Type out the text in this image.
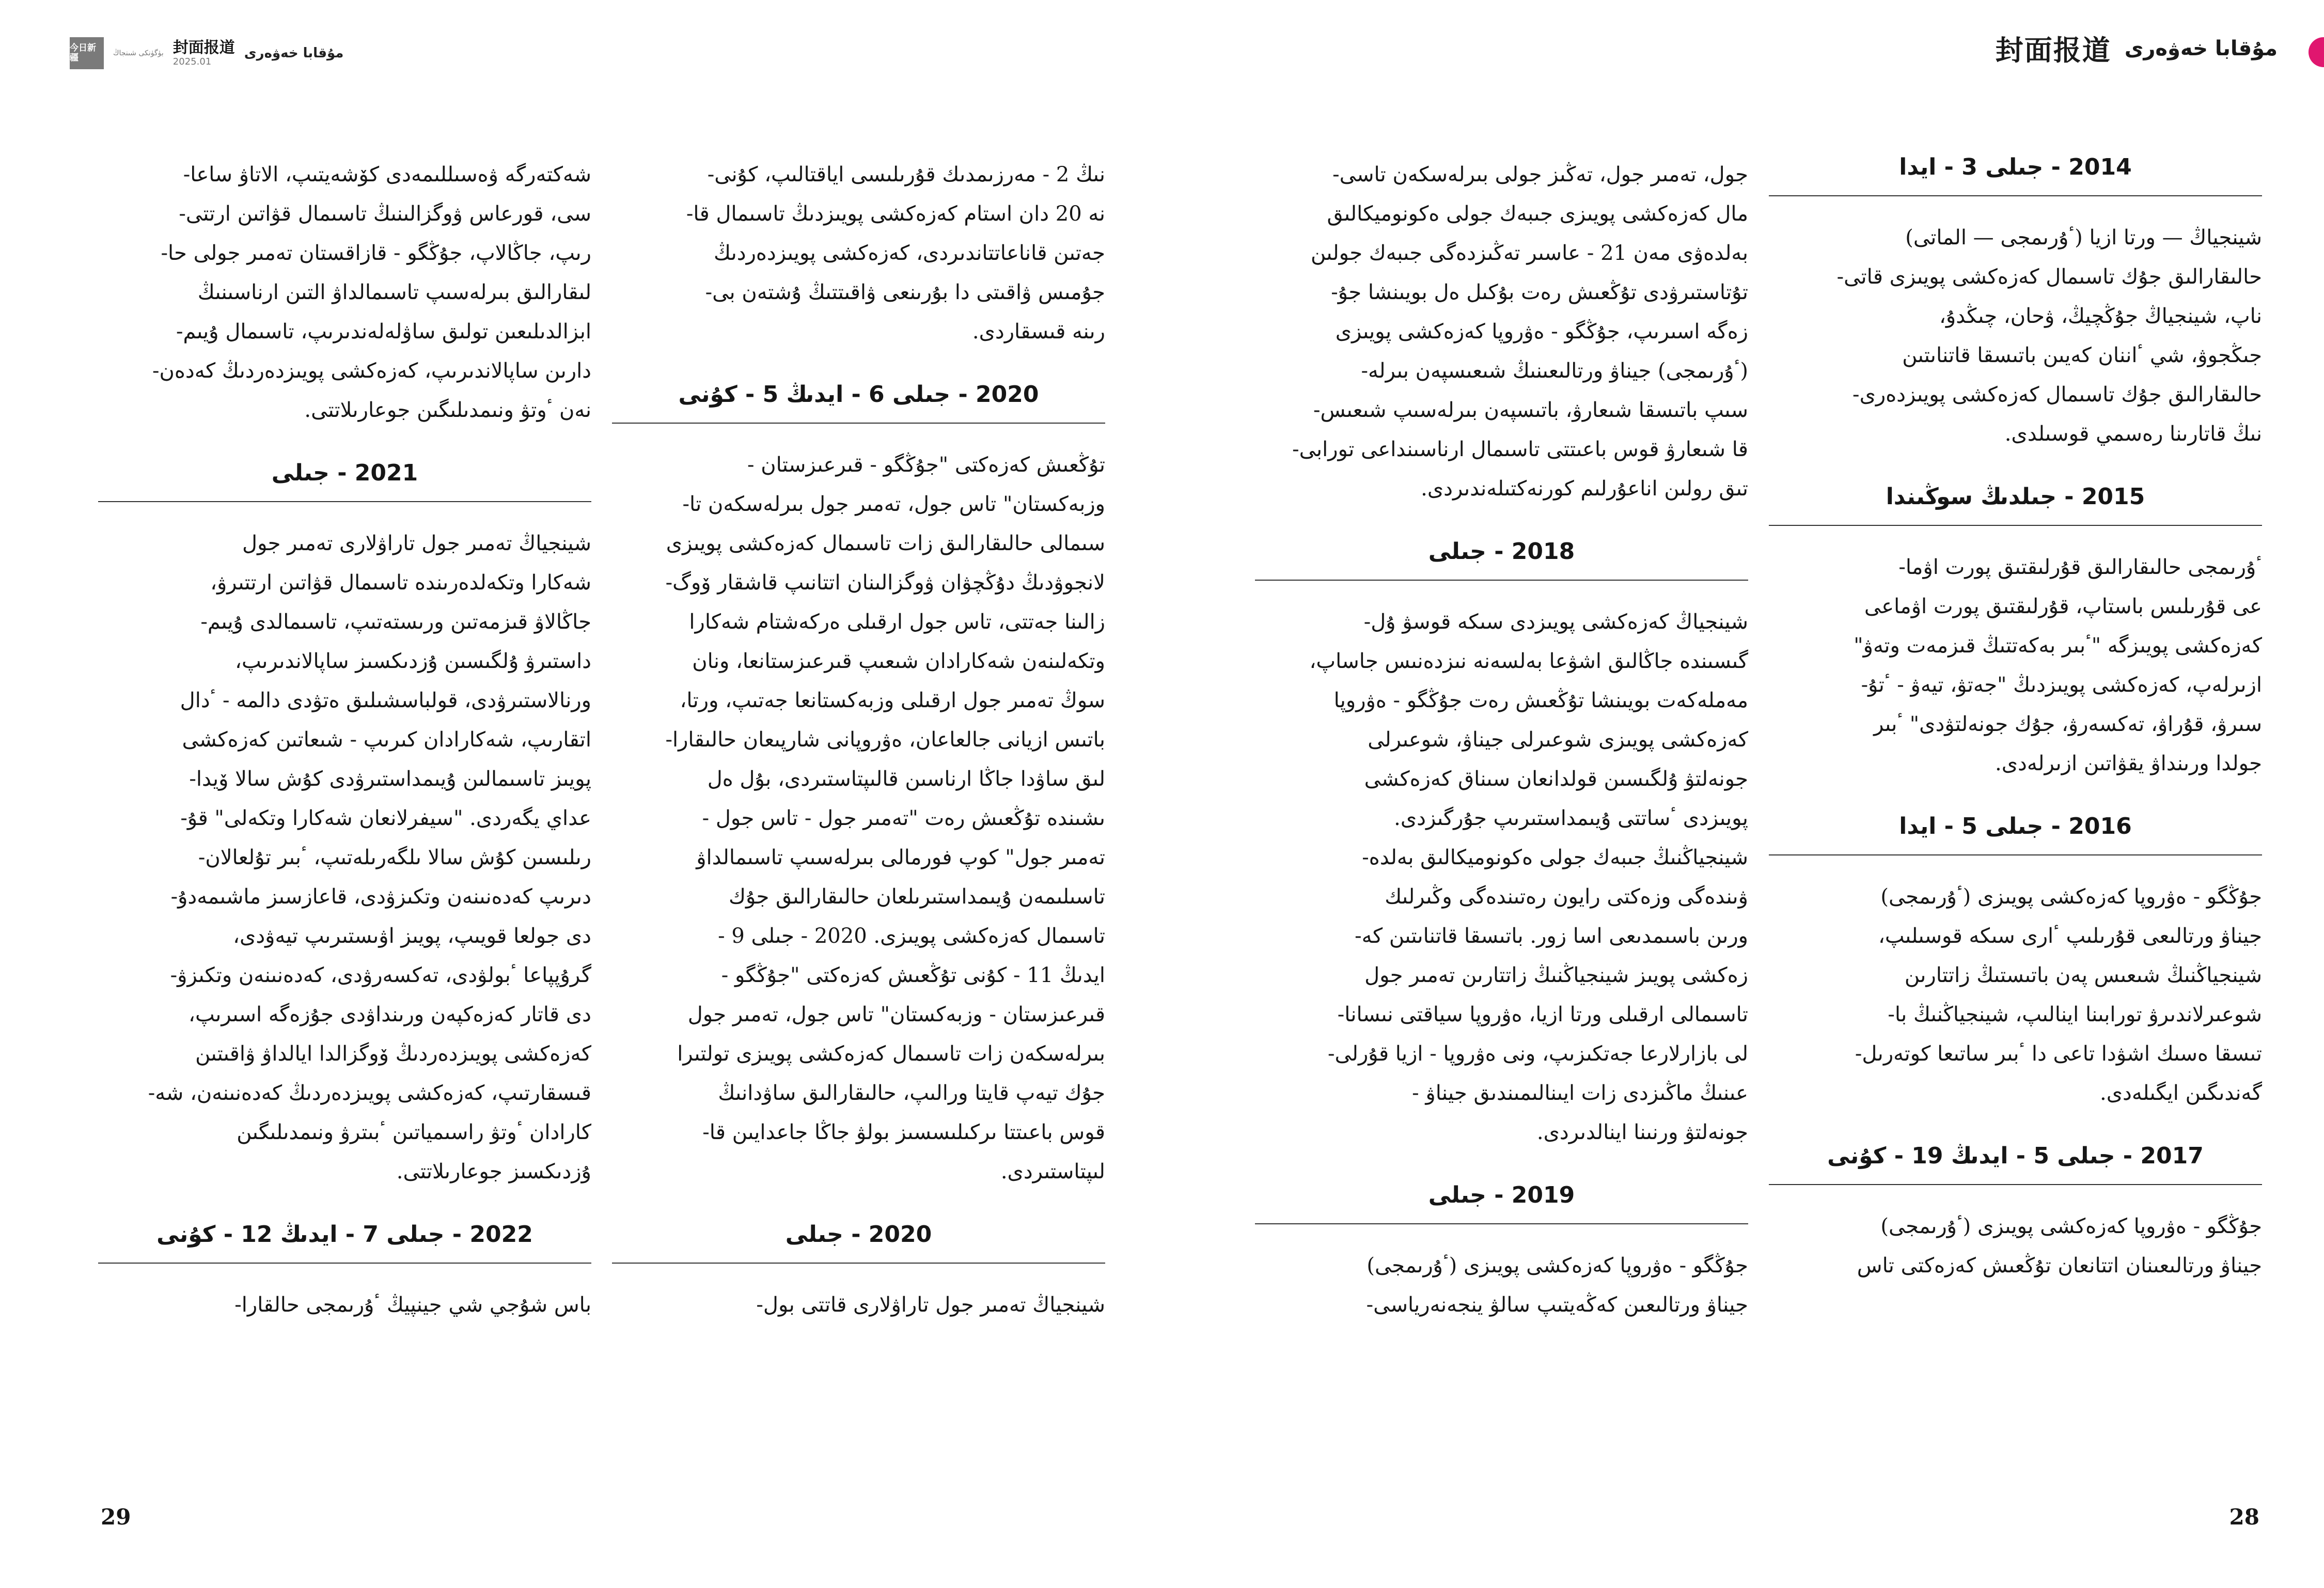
今日新疆	بۈگۈنكى شىنجاڭ 封面报道
2025.01
مۇقابا خەۋەرى	封面报道 مۇقابا خەۋەرى
شەكتەرگە ۋەسىللىمەدى كۆشەيتىپ، الاتاۋ ساعا-
سى، قورعاس ۋوگزالىنىڭ تاسىمال قۋاتىن ارتتى-
رىپ، جاڭالاپ، جۇڭگو - قازاقستان تەمىر جولى حا-
لىقارالىق بىرلەسىپ تاسىمالداۋ التىن ارناسىنىڭ
ابزالدىلىعىن تولىق ساۋلەلەندىرىپ، تاسىمال ۇيىم-
دارىن ساپالاندىرىپ، كەزەكشى پويىزدەردىڭ كەدەن-
نەن ٴوتۋ ونىمدىلىگىن جوعارىلاتتى.
2021 - جىلى
شينجياڭ تەمىر جول تاراۋلارى تەمىر جول
شەكارا وتكەلدەرىندە تاسىمال قۋاتىن ارتتىرۋ،
جاڭالاۋ قىزمەتىن ورىستەتىپ، تاسىمالدى ۇيىم-
داستىرۋ ۇلگىسىن ۇزدىكسىز ساپالاندىرىپ،
ورنالاستىرۋدى، قولباسشىلىق ەتۋدى دالمە - ٴدال
اتقارىپ، شەكارادان كىرىپ - شىعاتىن كەزەكشى
پويىز تاسىمالىن ۇيىمداستىرۋدى كۇش سالا ۆيدا-
عداي يگەردى. "سيفرلانعان شەكارا وتكەلى" قۇ-
رىلىسىن كۇش سالا ىلگەرىلەتىپ، ٴبىر تۇلعالان-
دىرىپ كەدەنىنەن وتكىزۋدى، قاعازسىز ماشىمەدۇ-
دى جولعا قويىپ، پويىز اۋىستىرىپ تيەۋدى،
گرۇپپاعا ٴبولۋدى، تەكسەرۋدى، كەدەنىنەن وتكىزۋ-
دى قاتار كەزەكپەن ورىنداۋدى جۇزەگە اسىرىپ،
كەزەكشى پويىزدەردىڭ ۆوگزالدا ايالداۋ ۋاقىتىن
قىسقارتىپ، كەزەكشى پويىزدەردىڭ كەدەنىنەن، شە-
كارادان ٴوتۋ راسىمياتىن ٴبىترۋ ونىمدىلىگىن
ۇزدىكسىز جوعارىلاتتى.
2022 - جىلى 7 - ايدىڭ 12 - كۇنى
باس شۇجي شي جينپيڭ ٴۇرىمجى حالقارا-
نىڭ 2 - مەرزىمدىك قۇرىلىسى اياقتالىپ، كۇنى-
نە 20 دان استام كەزەكشى پويىزدىڭ تاسىمال قا-
جەتىن قاناعاتتاندىردى، كەزەكشى پويىزدەردىڭ
جۇمىس ۋاقىتى دا بۇرىنعى ۋاقىتتىڭ ۇشتەن بى-
رىنە قىسقاردى.
2020 - جىلى 6 - ايدىڭ 5 - كۇنى
تۇڭعىش كەزەكتى "جۇڭگو - قىرعىزستان -
وزبەكستان" تاس جول، تەمىر جول بىرلەسكەن تا-
سىمالى حالىقارالىق زات تاسىمال كەزەكشى پويىزى
لانجوۋدىڭ دۇڭچۋان ۋوگزالىنان اتتانىپ قاشقار ۆوگ-
زالىنا جەتتى، تاس جول ارقىلى ەركەشتام شەكارا
وتكەلىنەن شەكارادان شىعىپ قىرعىزستانعا، ونان
سوڭ تەمىر جول ارقىلى وزبەكستانعا جەتىپ، ورتا،
باتىس ازيانى جالعاعان، ەۋروپانى شارپىعان حالىقارا-
لىق ساۋدا جاڭا ارناسىن قالىپتاستىردى، بۇل ەل
ىشىندە تۇڭعىش رەت "تەمىر جول - تاس جول -
تەمىر جول" كوپ فورمالى بىرلەسىپ تاسىمالداۋ
تاسىلىمەن ۇيىمداستىرىلعان حالىقارالىق جۇك
تاسىمال كەزەكشى پويىزى. 2020 - جىلى 9 -
ايدىڭ 11 - كۇنى تۇڭعىش كەزەكتى "جۇڭگو -
قىرعىزستان - وزبەكستان" تاس جول، تەمىر جول
بىرلەسكەن زات تاسىمال كەزەكشى پويىزى تولتىرا
جۇك تيەپ قايتا ورالىپ، حالىقارالىق ساۋدانىڭ
قوس باعىتتا ىركىلىسسىز بولۋ جاڭا جاعدايىن قا-
لىپتاستىردى.
2020 - جىلى
شينجياڭ تەمىر جول تاراۋلارى قاتتى بول-
جول، تەمىر جول، تەڭىز جولى بىرلەسكەن تاسى-
مال كەزەكشى پويىزى جىبەك جولى ەكونوميكالىق
بەلدەۋى مەن 21 - عاسىر تەڭىزدەگى جىبەك جولىن
تۇتاستىرۋدى تۇڭعىش رەت بۇكىل ەل بويىنشا جۇ-
زەگە اسىرىپ، جۇڭگو - ەۋروپا كەزەكشى پويىزى
(ٴۇرىمجى) جيناۋ ورتالىعىنىڭ شىعىسپەن بىرلە-
سىپ باتىسقا شىعارۋ، باتىسپەن بىرلەسىپ شىعىس-
قا شىعارۋ قوس باعىتتى تاسىمال ارناسىنداعى تورابى-
تىق رولىن اناعۇرلىم كورنەكتىلەندىردى.
2018 - جىلى
شينجياڭ كەزەكشى پويىزدى سىكە قوسۋ ۇل-
گىسىندە جاڭالىق اشۋعا بەلسەنە نىزدەنىس جاساپ،
مەملەكەت بويىنشا تۇڭعىش رەت جۇڭگو - ەۋروپا
كەزەكشى پويىزى شوعىرلى جيناۋ، شوعىرلى
جونەلتۋ ۇلگىسىن قولدانعان سىناق كەزەكشى
پويىزدى ٴساتتى ۇيىمداستىرىپ جۇرگىزدى.
شينجياڭنىڭ جىبەك جولى ەكونوميكالىق بەلدە-
ۋىندەگى وزەكتى رايون رەتىندەگى وڭىرلىك
ورىن باسىمدىعى اسا زور. باتىسقا قاتناىتىن كە-
زەكشى پويىز شينجياڭنىڭ زاتتارىن تەمىر جول
تاسىمالى ارقىلى ورتا ازيا، ەۋروپا سياقتى نىسانا-
لى بازارلارعا جەتكىزىپ، ونى ەۋروپا - ازيا قۇرلى-
عىنىڭ ماڭىزدى زات ايىنالىمىندىق جيناۋ -
جونەلتۋ ورنىنا اينالدىردى.
2019 - جىلى
جۇڭگو - ەۋروپا كەزەكشى پويىزى (ٴۇرىمجى)
جيناۋ ورتالىعىن كەڭەيتىپ سالۋ ينجەنەرياسى-
2014 - جىلى 3 - ايدا
شينجياڭ — ورتا ازيا (ٴۇرىمجى — الماتى)
حالىقارالىق جۇك تاسىمال كەزەكشى پويىزى قاتى-
ناپ، شينجياڭ جۇڭچيڭ، ۋحان، چىڭدۇ،
جىڭجوۋ، شي ٴاننان كەيىن باتىسقا قاتناىتىن
حالىقارالىق جۇك تاسىمال كەزەكشى پويىزدەرى-
نىڭ قاتارىنا رەسمي قوسىلدى.
2015 - جىلدىڭ سوڭىندا
ٴۇرىمجى حالىقارالىق قۇرلىقتىق پورت اۋما-
عى قۇرىلىس باستاپ، قۇرلىقتىق پورت اۋماعى
كەزەكشى پويىزگە "ٴبىر بەكەتتىڭ قىزمەت وتەۋ"
ازىرلەپ، كەزەكشى پويىزدىڭ "جەتۋ، تيەۋ - ٴتۇ-
سىرۋ، قۇراۋ، تەكسەرۋ، جۇك جونەلتۋدى" ٴبىر
جولدا ورىنداۋ يقۋاتىن ازىرلەدى.
2016 - جىلى 5 - ايدا
جۇڭگو - ەۋروپا كەزەكشى پويىزى (ٴۇرىمجى)
جيناۋ ورتالىعى قۇرىلىپ ٴارى سىكە قوسىلىپ،
شينجياڭنىڭ شىعىس پەن باتىستىڭ زاتتارىن
شوعىرلاندىرۋ تورابىنا اينالىپ، شينجياڭنىڭ با-
تىسقا ەسىك اشۋدا تاعى دا ٴبىر ساتىعا كوتەرىل-
گەندىگىن ايگىلەدى.
2017 - جىلى 5 - ايدىڭ 19 - كۇنى
جۇڭگو - ەۋروپا كەزەكشى پويىزى (ٴۇرىمجى)
جيناۋ ورتالىعىنان اتتانعان تۇڭعىش كەزەكتى تاس
29	28
